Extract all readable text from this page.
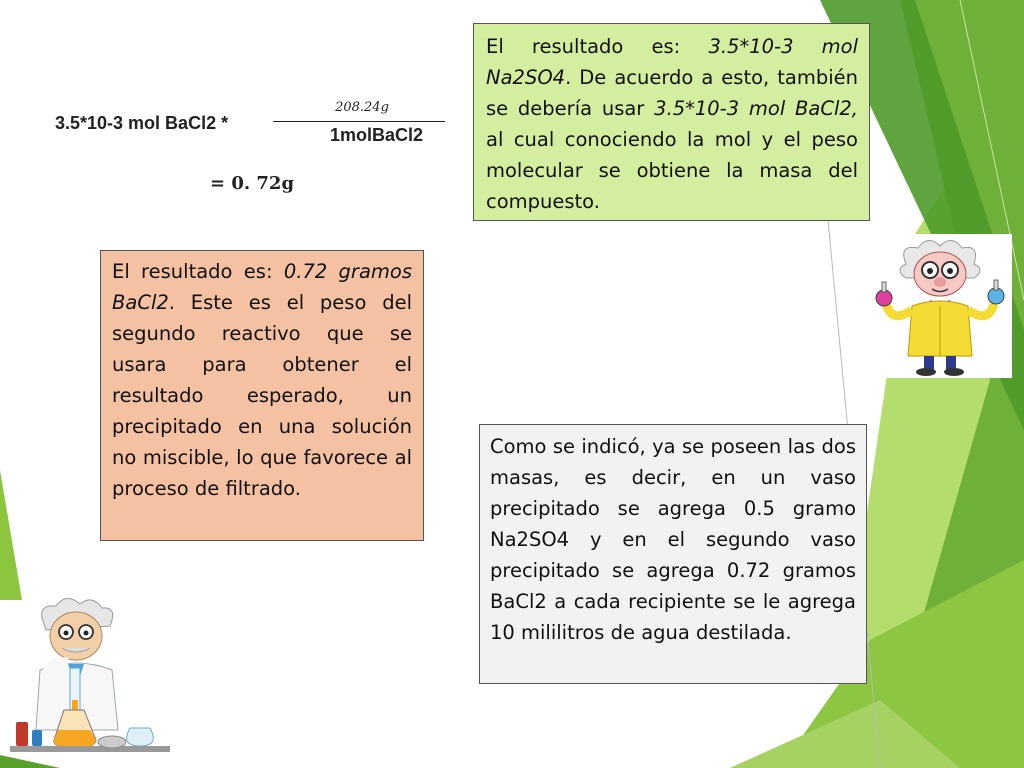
3.5*10-3 mol BaCl2 *
208.24g
1molBaCl2
= 0. 72g
El resultado es: 3.5*10-3 mol Na2SO4. De acuerdo a esto, también se debería usar 3.5*10-3 mol BaCl2, al cual conociendo la mol y el peso molecular se obtiene la masa del compuesto.
El resultado es: 0.72 gramos BaCl2. Este es el peso del segundo reactivo que se usara para obtener el resultado esperado, un precipitado en una solución no miscible, lo que favorece al proceso de filtrado.
Como se indicó, ya se poseen las dos masas, es decir, en un vaso precipitado se agrega 0.5 gramo Na2SO4 y en el segundo vaso precipitado se agrega 0.72 gramos BaCl2 a cada recipiente se le agrega 10 mililitros de agua destilada.
